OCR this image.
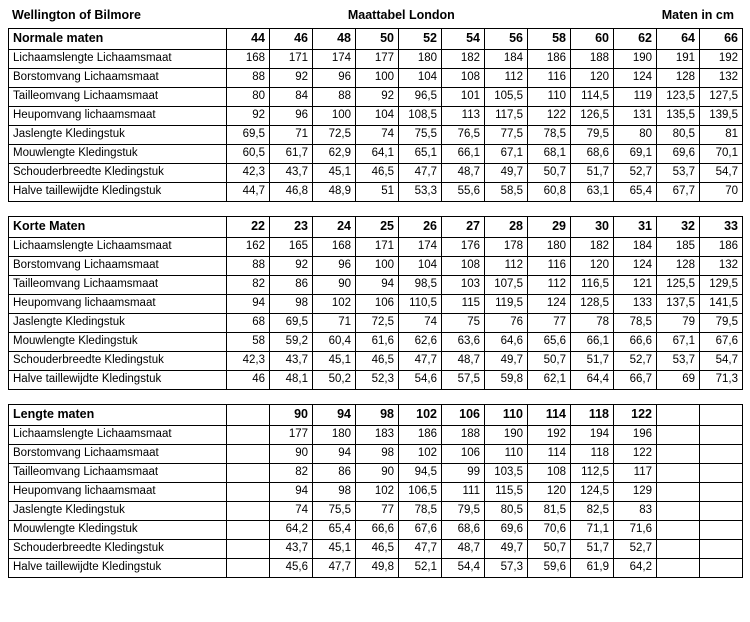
Wellington of Bilmore	Maattabel London	Maten in cm
Normale maten	44	46	48	50	52	54	56	58	60	62	64	66
Lichaamslengte Lichaamsmaat	168	171	174	177	180	182	184	186	188	190	191	192
Borstomvang Lichaamsmaat	88	92	96	100	104	108	112	116	120	124	128	132
Tailleomvang Lichaamsmaat	80	84	88	92	96,5	101	105,5	110	114,5	119	123,5	127,5
Heupomvang lichaamsmaat	92	96	100	104	108,5	113	117,5	122	126,5	131	135,5	139,5
Jaslengte Kledingstuk	69,5	71	72,5	74	75,5	76,5	77,5	78,5	79,5	80	80,5	81
Mouwlengte Kledingstuk	60,5	61,7	62,9	64,1	65,1	66,1	67,1	68,1	68,6	69,1	69,6	70,1
Schouderbreedte Kledingstuk	42,3	43,7	45,1	46,5	47,7	48,7	49,7	50,7	51,7	52,7	53,7	54,7
Halve taillewijdte Kledingstuk	44,7	46,8	48,9	51	53,3	55,6	58,5	60,8	63,1	65,4	67,7	70
Korte Maten	22	23	24	25	26	27	28	29	30	31	32	33
Lichaamslengte Lichaamsmaat	162	165	168	171	174	176	178	180	182	184	185	186
Borstomvang Lichaamsmaat	88	92	96	100	104	108	112	116	120	124	128	132
Tailleomvang Lichaamsmaat	82	86	90	94	98,5	103	107,5	112	116,5	121	125,5	129,5
Heupomvang lichaamsmaat	94	98	102	106	110,5	115	119,5	124	128,5	133	137,5	141,5
Jaslengte Kledingstuk	68	69,5	71	72,5	74	75	76	77	78	78,5	79	79,5
Mouwlengte Kledingstuk	58	59,2	60,4	61,6	62,6	63,6	64,6	65,6	66,1	66,6	67,1	67,6
Schouderbreedte Kledingstuk	42,3	43,7	45,1	46,5	47,7	48,7	49,7	50,7	51,7	52,7	53,7	54,7
Halve taillewijdte Kledingstuk	46	48,1	50,2	52,3	54,6	57,5	59,8	62,1	64,4	66,7	69	71,3
Lengte maten		90	94	98	102	106	110	114	118	122		
Lichaamslengte Lichaamsmaat		177	180	183	186	188	190	192	194	196		
Borstomvang Lichaamsmaat		90	94	98	102	106	110	114	118	122		
Tailleomvang Lichaamsmaat		82	86	90	94,5	99	103,5	108	112,5	117		
Heupomvang lichaamsmaat		94	98	102	106,5	111	115,5	120	124,5	129		
Jaslengte Kledingstuk		74	75,5	77	78,5	79,5	80,5	81,5	82,5	83		
Mouwlengte Kledingstuk		64,2	65,4	66,6	67,6	68,6	69,6	70,6	71,1	71,6		
Schouderbreedte Kledingstuk		43,7	45,1	46,5	47,7	48,7	49,7	50,7	51,7	52,7		
Halve taillewijdte Kledingstuk		45,6	47,7	49,8	52,1	54,4	57,3	59,6	61,9	64,2		
